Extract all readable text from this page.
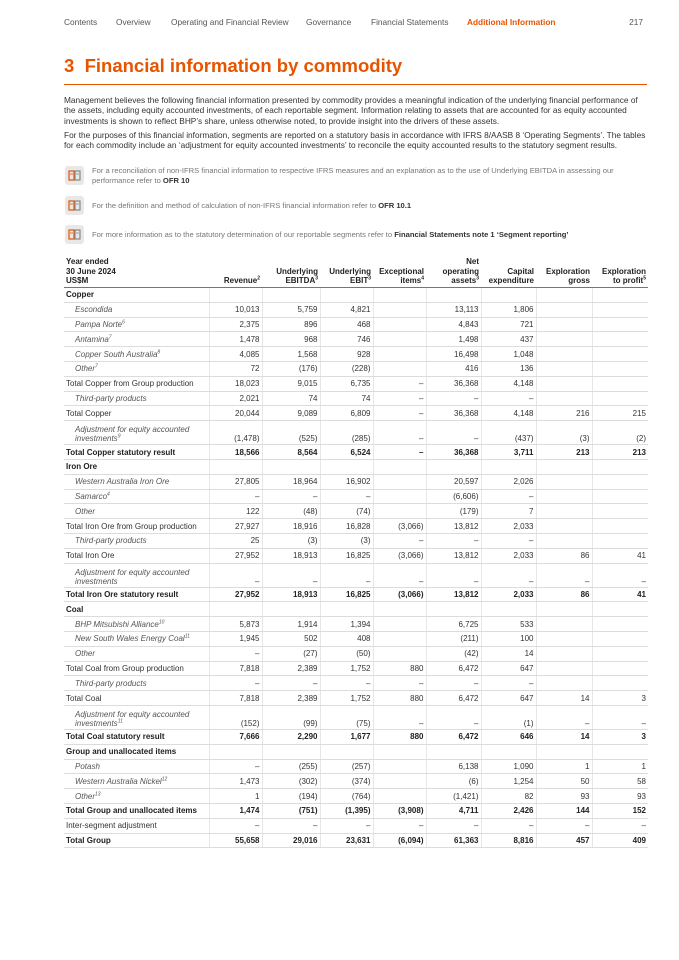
Contents Overview Operating and Financial Review Governance Financial Statements Additional Information	217
3 Financial information by commodity

Management believes the following financial information presented by commodity provides a meaningful indication of the underlying financial performance of the assets, including equity accounted investments, of each reportable segment. Information relating to assets that are accounted for as equity accounted investments is shown to reflect BHP’s share, unless otherwise noted, to provide insight into the drivers of these assets.

For the purposes of this financial information, segments are reported on a statutory basis in accordance with IFRS 8/AASB 8 ‘Operating Segments’. The tables for each commodity include an ‘adjustment for equity accounted investments’ to reconcile the equity accounted results to the statutory segment results.

For a reconciliation of non-IFRS financial information to respective IFRS measures and an explanation as to the use of Underlying EBITDA in assessing our performance refer to OFR 10
For the definition and method of calculation of non-IFRS financial information refer to OFR 10.1
For more information as to the statutory determination of our reportable segments refer to Financial Statements note 1 ‘Segment reporting’
Year ended
30 June 2024
US$M	Revenue$^2$	Underlying EBITDA$^3$	Underlying EBIT$^3$	Exceptional items$^4$	Net operating assets$^3$	Capital expenditure	Exploration gross	Exploration to profit$^5$
Copper								
Escondida	10,013	5,759	4,821		13,113	1,806		
Pampa Norte$^6$	2,375	896	468		4,843	721		
Antamina$^7$	1,478	968	746		1,498	437		
Copper South Australia$^8$	4,085	1,568	928		16,498	1,048		
Other$^7$	72	(176)	(228)		416	136		
Total Copper from Group production	18,023	9,015	6,735	–	36,368	4,148		
Third-party products	2,021	74	74	–	–	–		
Total Copper	20,044	9,089	6,809	–	36,368	4,148	216	215
Adjustment for equity accounted investments$^9$	(1,478)	(525)	(285)	–	–	(437)	(3)	(2)
Total Copper statutory result	18,566	8,564	6,524	–	36,368	3,711	213	213
Iron Ore								
Western Australia Iron Ore	27,805	18,964	16,902		20,597	2,026		
Samarco$^4$	–	–	–		(6,606)	–		
Other	122	(48)	(74)		(179)	7		
Total Iron Ore from Group production	27,927	18,916	16,828	(3,066)	13,812	2,033		
Third-party products	25	(3)	(3)	–	–	–		
Total Iron Ore	27,952	18,913	16,825	(3,066)	13,812	2,033	86	41
Adjustment for equity accounted investments	–	–	–	–	–	–	–	–
Total Iron Ore statutory result	27,952	18,913	16,825	(3,066)	13,812	2,033	86	41
Coal								
BHP Mitsubishi Alliance$^{10}$	5,873	1,914	1,394		6,725	533		
New South Wales Energy Coal$^{11}$	1,945	502	408		(211)	100		
Other	–	(27)	(50)		(42)	14		
Total Coal from Group production	7,818	2,389	1,752	880	6,472	647		
Third-party products	–	–	–	–	–	–		
Total Coal	7,818	2,389	1,752	880	6,472	647	14	3
Adjustment for equity accounted investments$^{11}$	(152)	(99)	(75)	–	–	(1)	–	–
Total Coal statutory result	7,666	2,290	1,677	880	6,472	646	14	3
Group and unallocated items								
Potash	–	(255)	(257)		6,138	1,090	1	1
Western Australia Nickel$^{12}$	1,473	(302)	(374)		(6)	1,254	50	58
Other$^{13}$	1	(194)	(764)		(1,421)	82	93	93
Total Group and unallocated items	1,474	(751)	(1,395)	(3,908)	4,711	2,426	144	152
Inter-segment adjustment	–	–	–	–	–	–	–	–
Total Group	55,658	29,016	23,631	(6,094)	61,363	8,816	457	409
